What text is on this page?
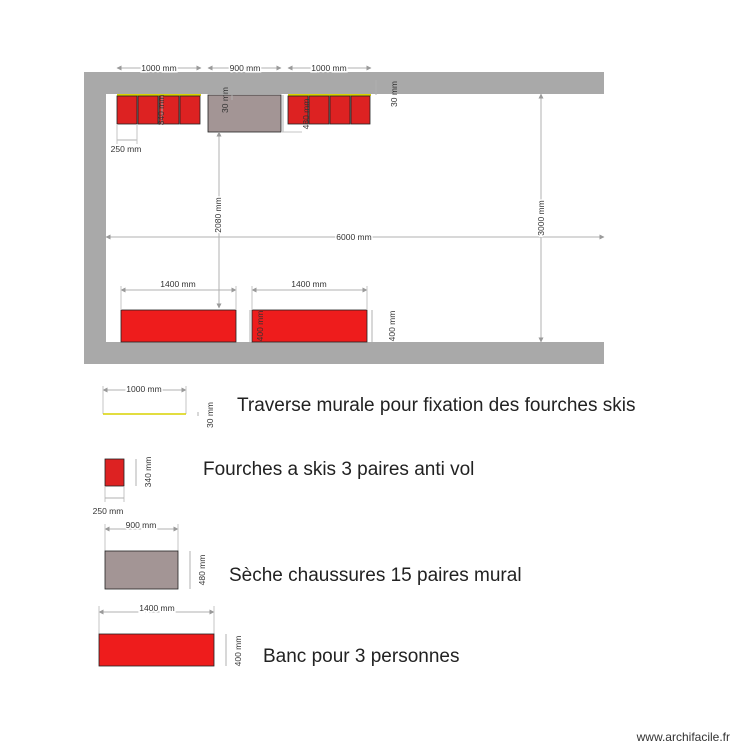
1000 mm	900 mm	1000 mm
250 mm
340 mm	30 mm	480 mm
30 mm
2080 mm
6000 mm
3000 mm
1400 mm	1400 mm
400 mm	400 mm
1000 mm
30 mm Traverse murale pour fixation des fourches skis
250 mm
340 mm	Fourches a skis 3 paires anti vol
900 mm
480 mm Sèche chaussures 15 paires mural
1400 mm
400 mm Banc pour 3 personnes
www.archifacile.fr
